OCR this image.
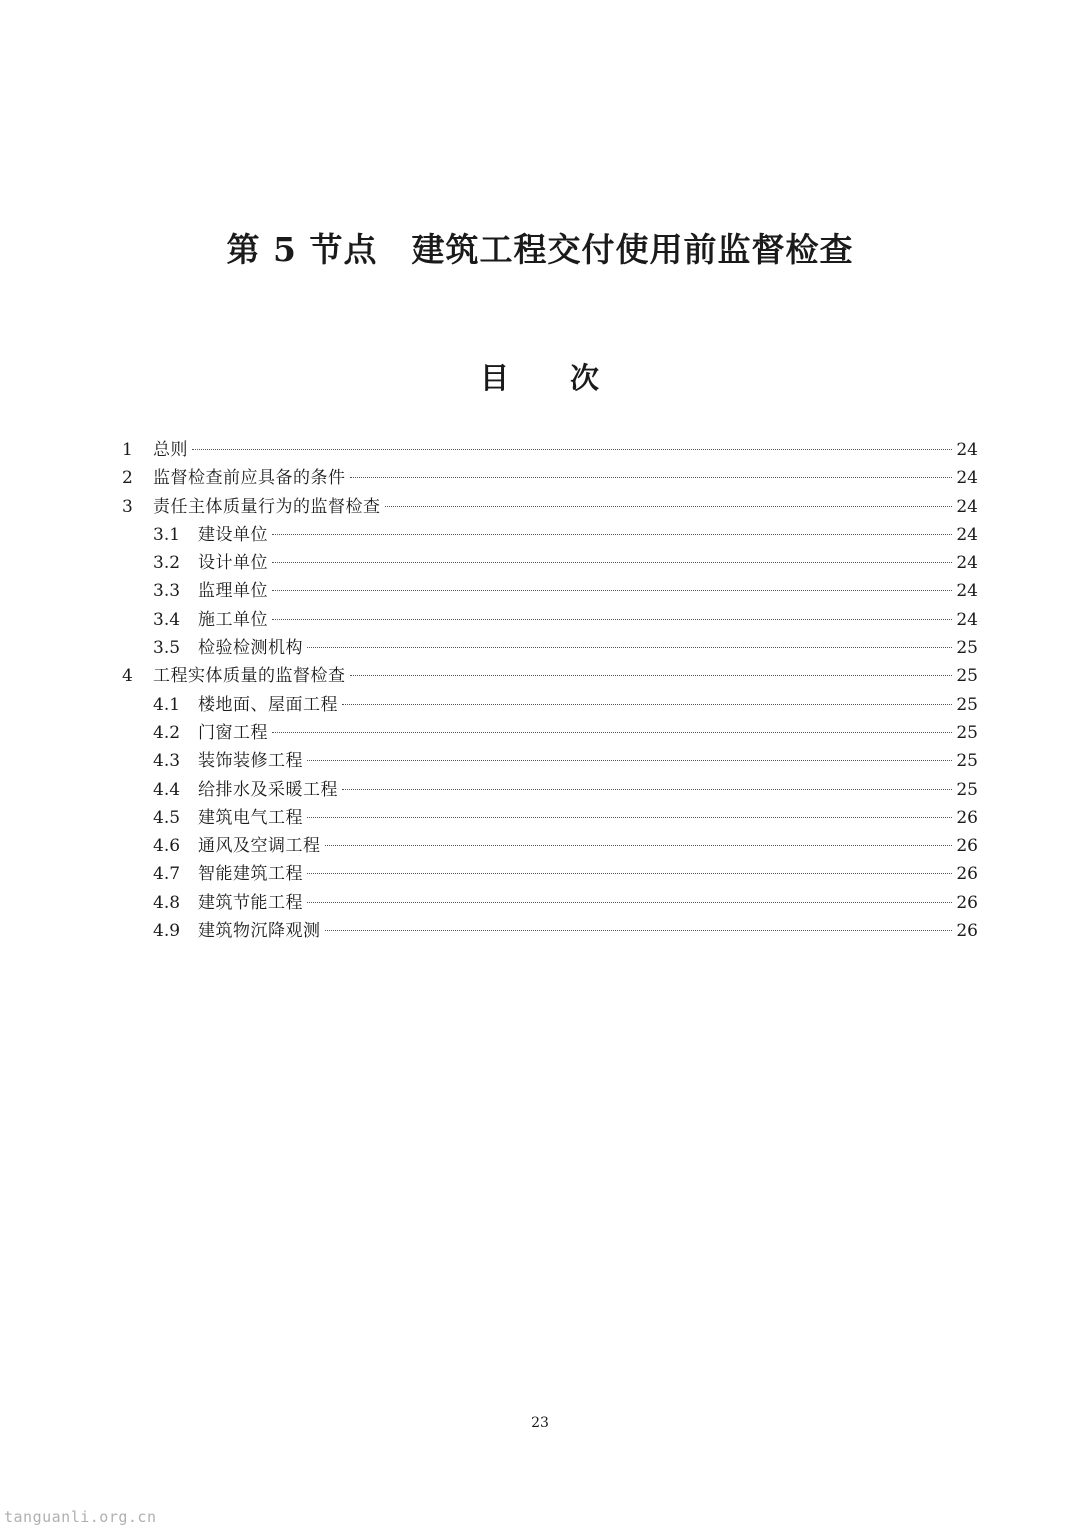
第 5 节点　建筑工程交付使用前监督检查
目　　次
1	总则	24
2	监督检查前应具备的条件	24
3	责任主体质量行为的监督检查	24
3.1	建设单位	24
3.2	设计单位	24
3.3	监理单位	24
3.4	施工单位	24
3.5	检验检测机构	25
4	工程实体质量的监督检查	25
4.1	楼地面、屋面工程	25
4.2	门窗工程	25
4.3	装饰装修工程	25
4.4	给排水及采暖工程	25
4.5	建筑电气工程	26
4.6	通风及空调工程	26
4.7	智能建筑工程	26
4.8	建筑节能工程	26
4.9	建筑物沉降观测	26
23
tanguanli.org.cn
